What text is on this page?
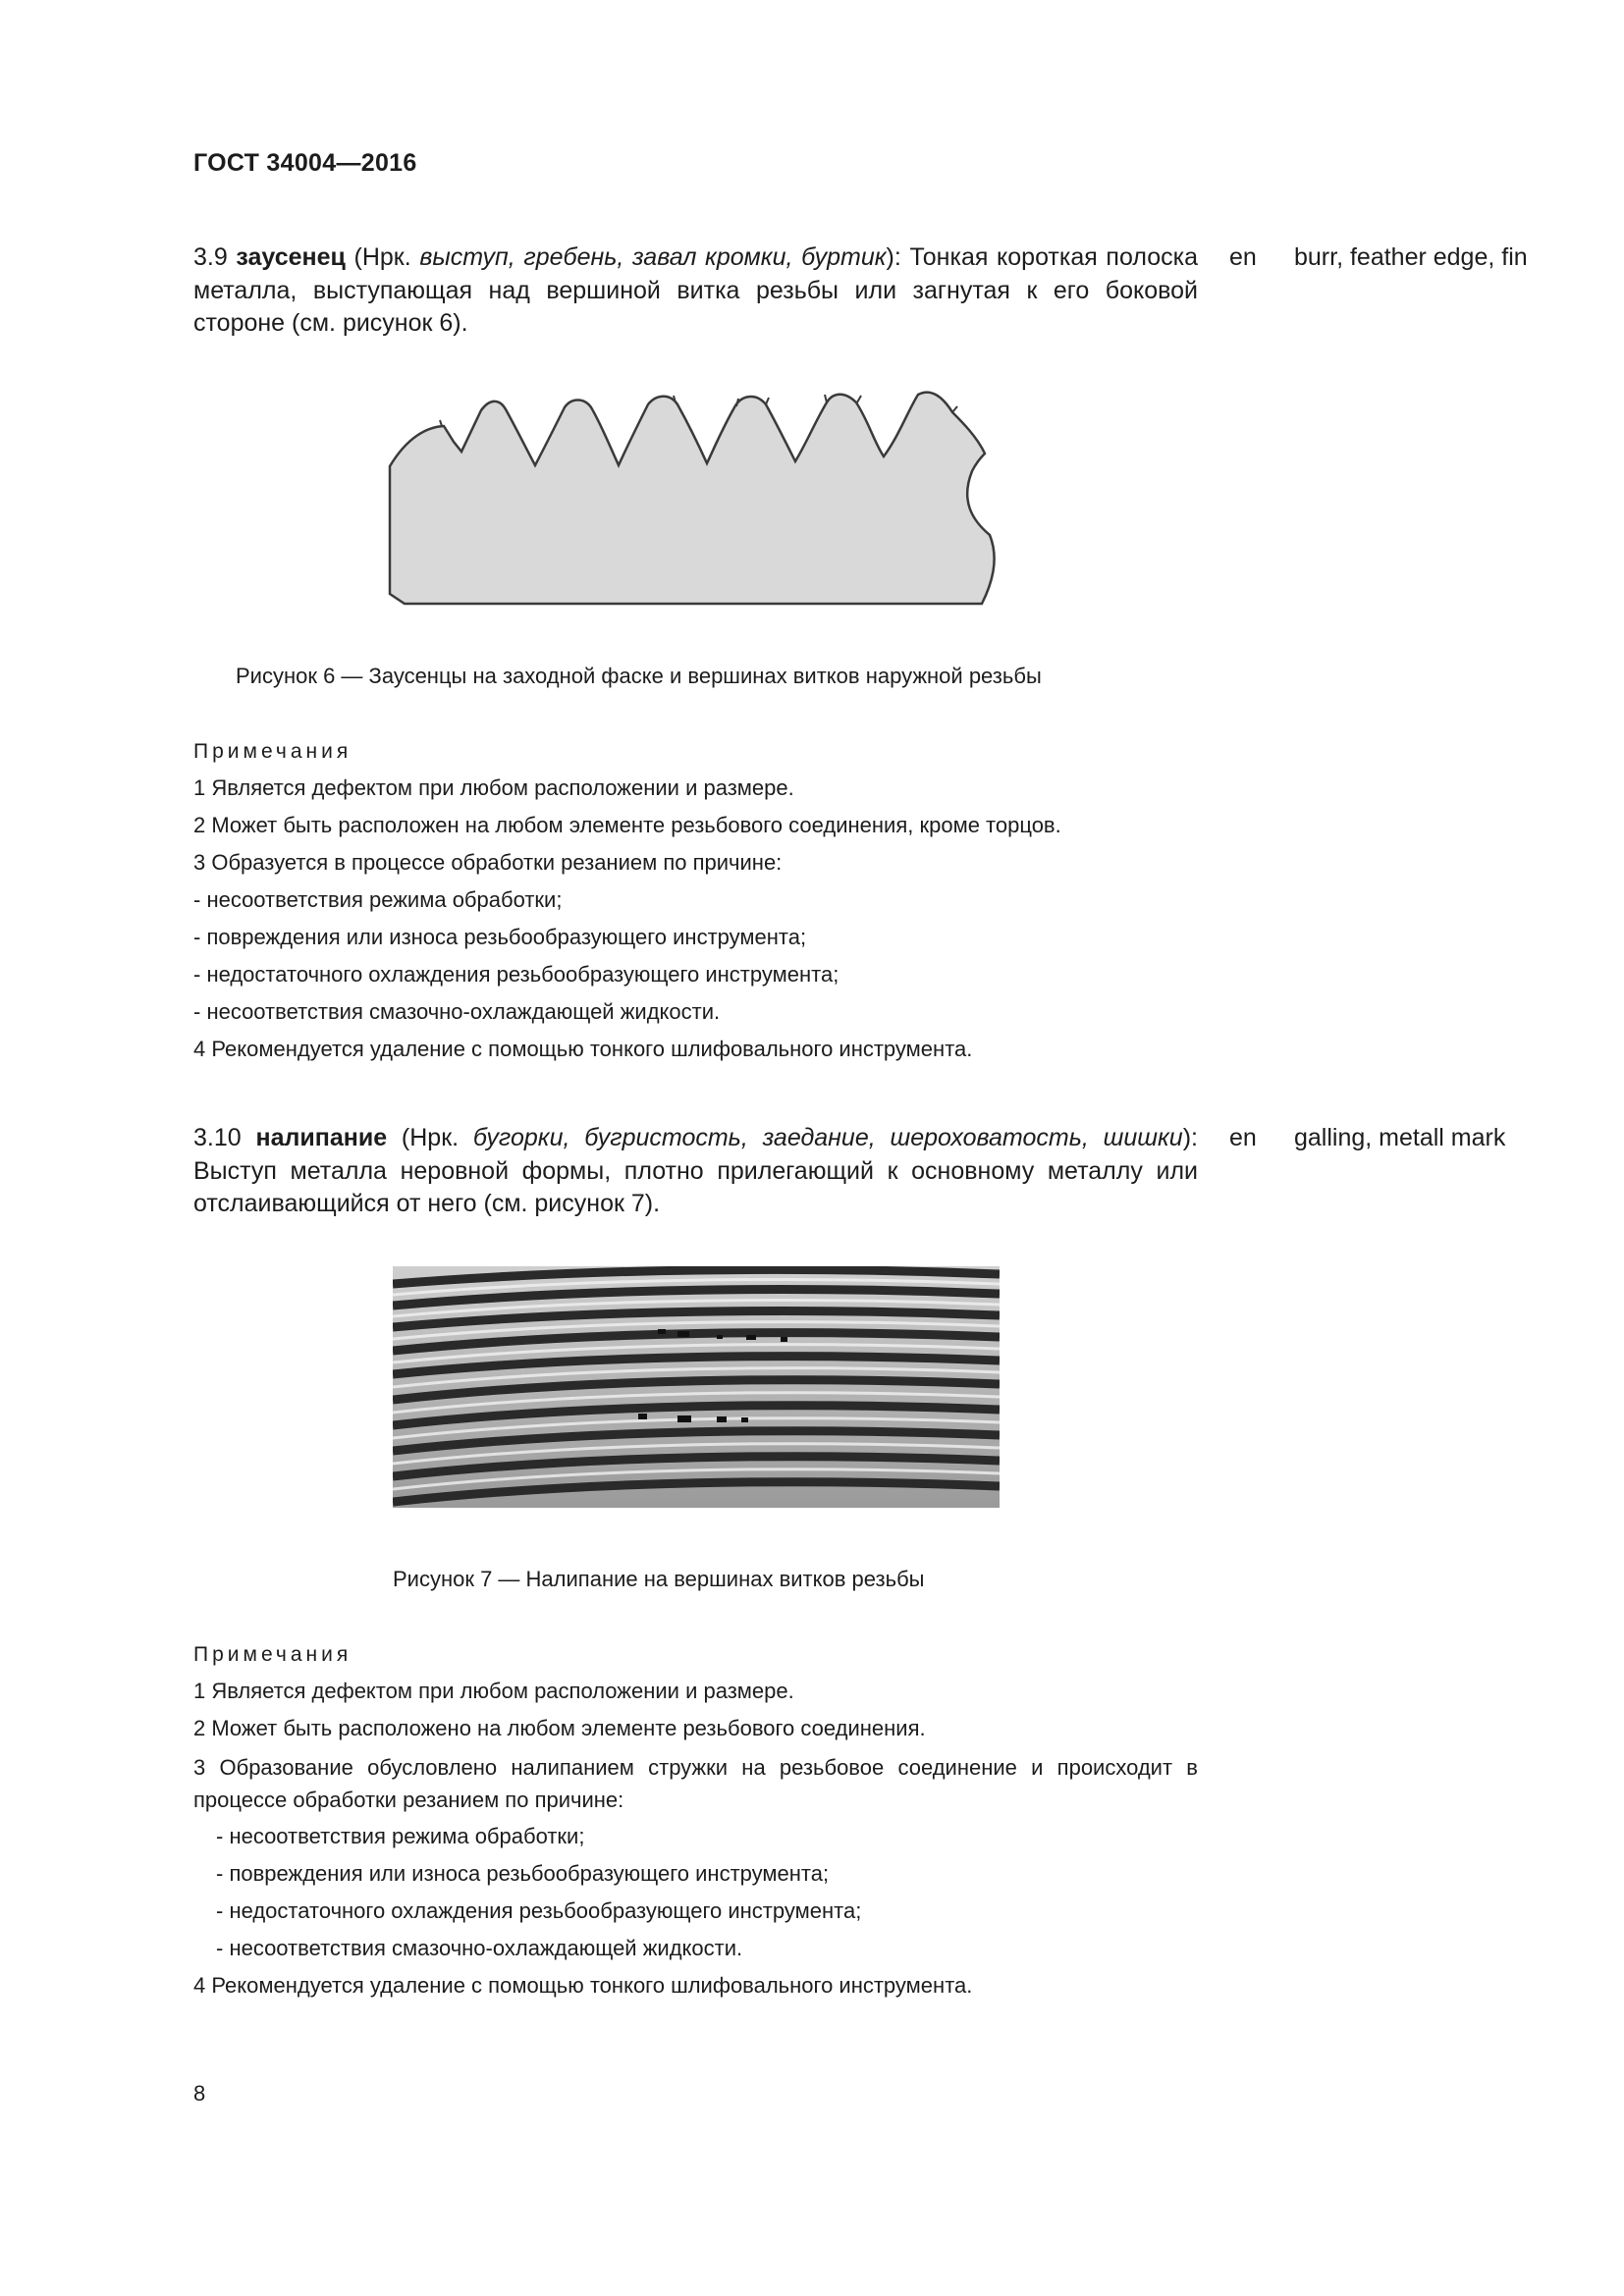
ГОСТ 34004—2016
3.9 заусенец (Нрк. выступ, гребень, завал кромки, буртик): Тонкая короткая полоска металла, выступающая над вершиной витка резьбы или загнутая к его боковой стороне (см. рисунок 6).
en burr, feather edge, fin
Рисунок 6 — Заусенцы на заходной фаске и вершинах витков наружной резьбы
Примечания
1 Является дефектом при любом расположении и размере.
2 Может быть расположен на любом элементе резьбового соединения, кроме торцов.
3 Образуется в процессе обработки резанием по причине:
- несоответствия режима обработки;
- повреждения или износа резьбообразующего инструмента;
- недостаточного охлаждения резьбообразующего инструмента;
- несоответствия смазочно-охлаждающей жидкости.
4 Рекомендуется удаление с помощью тонкого шлифовального инструмента.
3.10 налипание (Нрк. бугорки, бугристость, заедание, шероховатость, шишки): Выступ металла неровной формы, плотно прилегающий к основному металлу или отслаивающийся от него (см. рисунок 7).
en galling, metall mark
Рисунок 7 — Налипание на вершинах витков резьбы
Примечания
1 Является дефектом при любом расположении и размере.
2 Может быть расположено на любом элементе резьбового соединения.
3 Образование обусловлено налипанием стружки на резьбовое соединение и происходит в процессе обработки резанием по причине:
- несоответствия режима обработки;
- повреждения или износа резьбообразующего инструмента;
- недостаточного охлаждения резьбообразующего инструмента;
- несоответствия смазочно-охлаждающей жидкости.
4 Рекомендуется удаление с помощью тонкого шлифовального инструмента.
8
